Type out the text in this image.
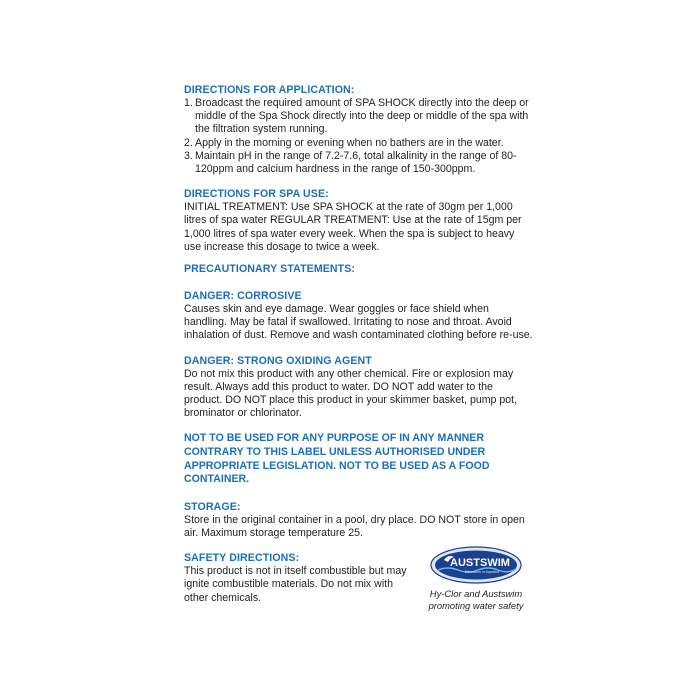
DIRECTIONS FOR APPLICATION:
1. Broadcast the required amount of SPA SHOCK directly into the deep or middle of the Spa Shock directly into the deep or middle of the spa with the filtration system running.
2. Apply in the morning or evening when no bathers are in the water.
3. Maintain pH in the range of 7.2-7.6, total alkalinity in the range of 80-120ppm and calcium hardness in the range of 150-300ppm.
DIRECTIONS FOR SPA USE:

INITIAL TREATMENT: Use SPA SHOCK at the rate of 30gm per 1,000 litres of spa water REGULAR TREATMENT: Use at the rate of 15gm per 1,000 litres of spa water every week. When the spa is subject to heavy use increase this dosage to twice a week.

PRECAUTIONARY STATEMENTS:
DANGER: CORROSIVE

Causes skin and eye damage. Wear goggles or face shield when handling. May be fatal if swallowed. Irritating to nose and throat. Avoid inhalation of dust. Remove and wash contaminated clothing before re-use.

DANGER: STRONG OXIDING AGENT

Do not mix this product with any other chemical. Fire or explosion may result. Always add this product to water. DO NOT add water to the product. DO NOT place this product in your skimmer basket, pump pot, brominator or chlorinator.

NOT TO BE USED FOR ANY PURPOSE OF IN ANY MANNER CONTRARY TO THIS LABEL UNLESS AUTHORISED UNDER APPROPRIATE LEGISLATION. NOT TO BE USED AS A FOOD CONTAINER.

STORAGE:

Store in the original container in a pool, dry place. DO NOT store in open air. Maximum storage temperature 25.

SAFETY DIRECTIONS:

This product is not in itself combustible but may ignite combustible materials. Do not mix with other chemicals.

AUSTSWIM
Educators in Aquatics
Hy-Clor and Austswim
promoting water safety
